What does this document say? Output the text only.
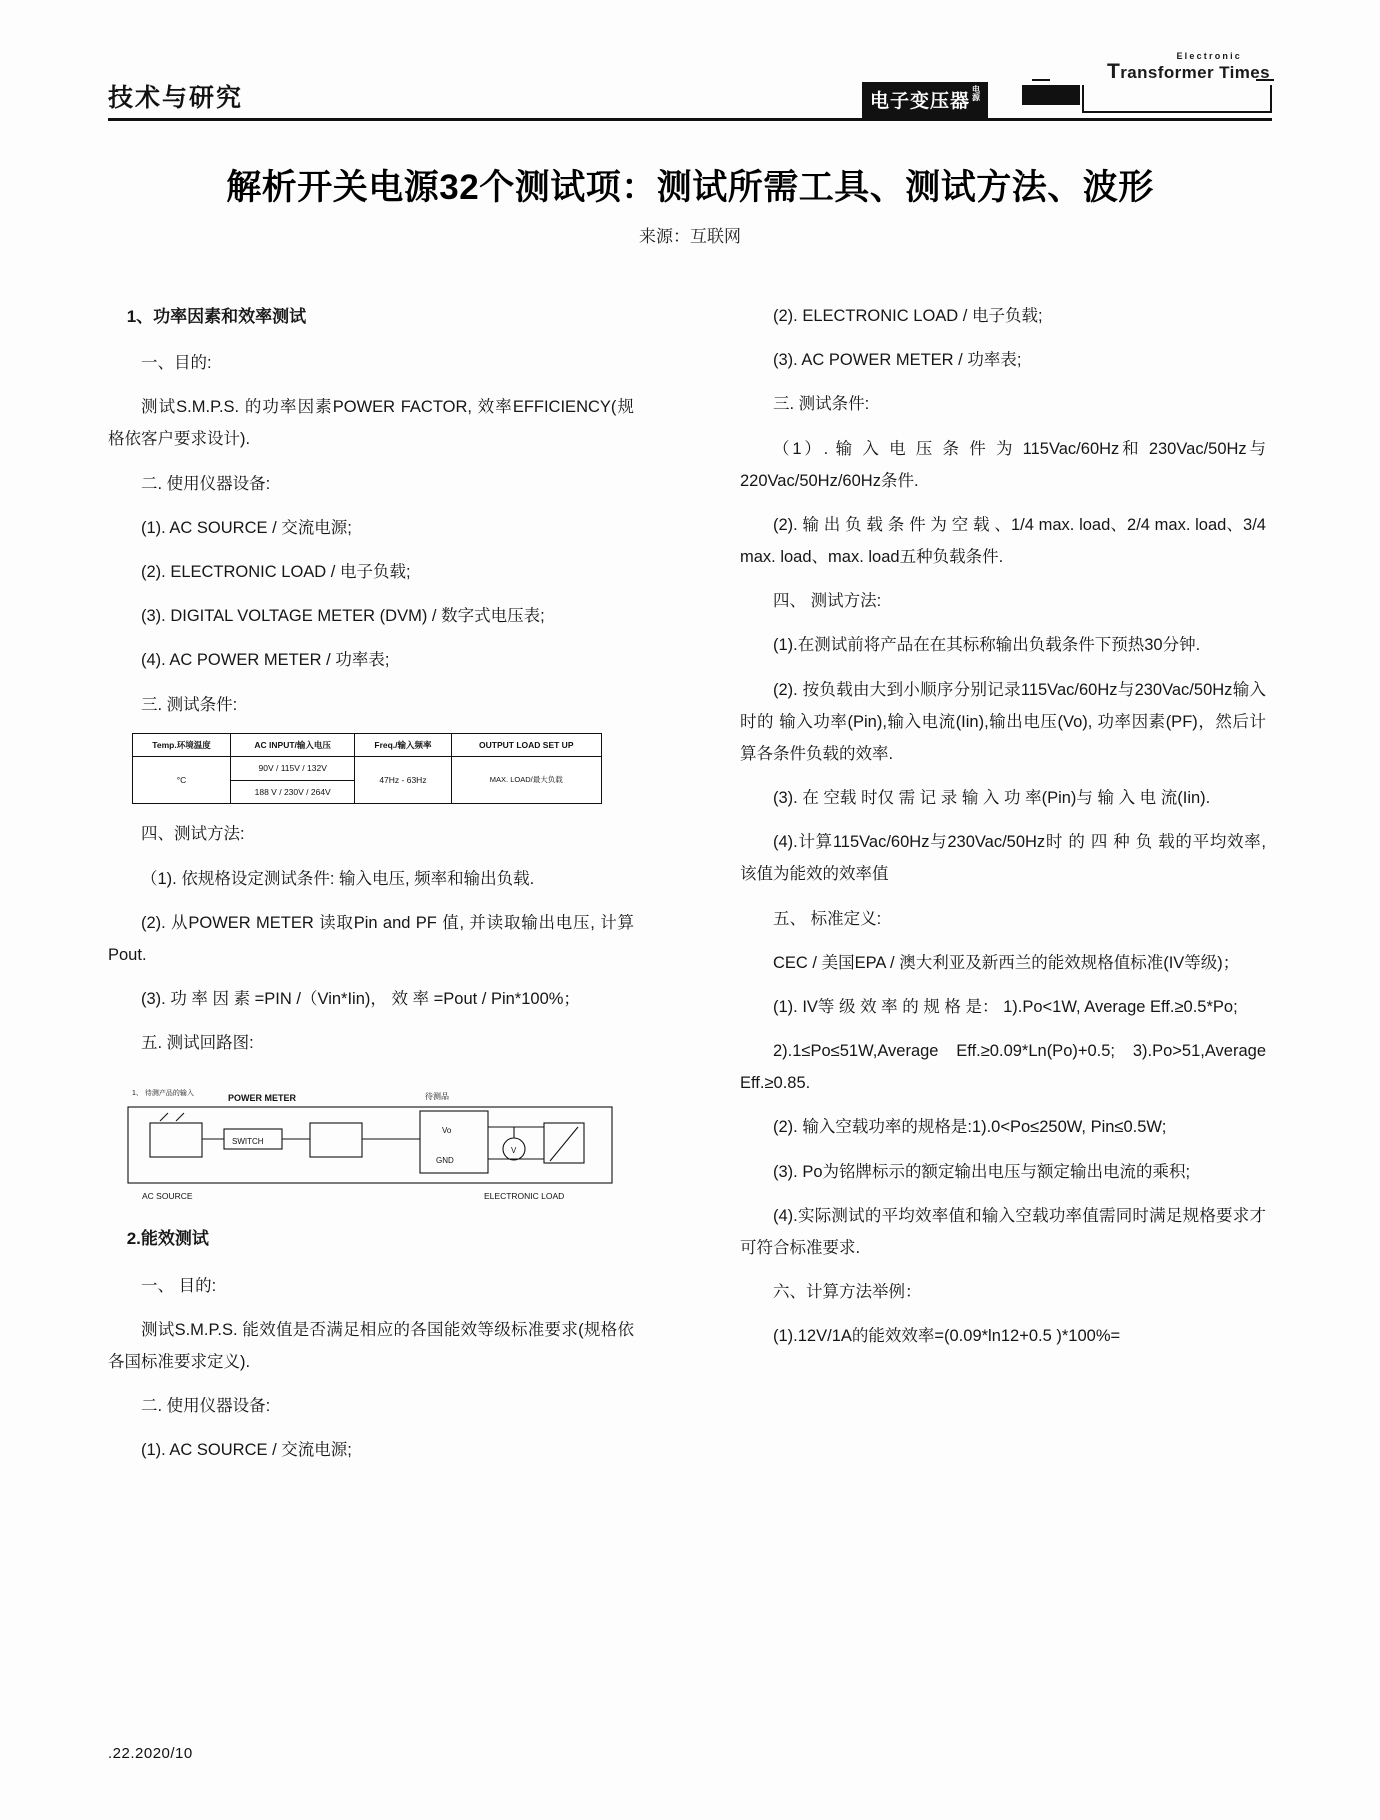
技术与研究
Electronic
Transformer Times
电子变压器电
源
解析开关电源32个测试项：测试所需工具、测试方法、波形
来源：互联网

1、功率因素和效率测试

一、目的:

测试S.M.P.S. 的功率因素POWER FACTOR, 效率EFFICIENCY(规格依客户要求设计).

二. 使用仪器设备:

(1). AC SOURCE / 交流电源;

(2). ELECTRONIC LOAD / 电子负载;

(3). DIGITAL VOLTAGE METER (DVM) / 数字式电压表;

(4). AC POWER METER / 功率表;

三. 测试条件:

Temp.环境温度	AC INPUT/输入电压	Freq./输入频率	OUTPUT LOAD SET UP
°C	90V / 115V / 132V	47Hz - 63Hz	MAX. LOAD/最大负载
	188 V / 230V / 264V		

四、测试方法:

（1). 依规格设定测试条件: 输入电压, 频率和输出负载.

(2). 从POWER METER 读取Pin and PF 值, 并读取输出电压, 计算Pout.

(3). 功 率 因 素 =PIN /（Vin*Iin)， 效 率 =Pout / Pin*100%；

五. 测试回路图:

1、 待测产品的输入	POWER METER
SWITCH
待测品
Vo
GND
V
AC SOURCE	ELECTRONIC LOAD

2.能效测试

一、 目的:

测试S.M.P.S. 能效值是否满足相应的各国能效等级标准要求(规格依各国标准要求定义).

二. 使用仪器设备:

(1). AC SOURCE / 交流电源;

(2). ELECTRONIC LOAD / 电子负载;

(3). AC POWER METER / 功率表;

三. 测试条件:

（1）. 输 入 电 压 条 件 为 115Vac/60Hz和 230Vac/50Hz与220Vac/50Hz/60Hz条件.

(2). 输 出 负 载 条 件 为 空 载 、1/4 max. load、2/4 max. load、3/4 max. load、max. load五种负载条件.

四、 测试方法:

(1).在测试前将产品在在其标称输出负载条件下预热30分钟.

(2). 按负载由大到小顺序分别记录115Vac/60Hz与230Vac/50Hz输入时的 输入功率(Pin),输入电流(Iin),输出电压(Vo), 功率因素(PF)，然后计算各条件负载的效率.

(3). 在 空载 时仅 需 记 录 输 入 功 率(Pin)与 输 入 电 流(Iin).

(4).计算115Vac/60Hz与230Vac/50Hz时 的 四 种 负 载的平均效率,该值为能效的效率值

五、 标准定义:

CEC / 美国EPA / 澳大利亚及新西兰的能效规格值标准(IV等级)；

(1). IV等 级 效 率 的 规 格 是： 1).Po<1W, Average Eff.≥0.5*Po;

2).1≤Po≤51W,Average Eff.≥0.09*Ln(Po)+0.5; 3).Po>51,Average Eff.≥0.85.

(2). 输入空载功率的规格是:1).0<Po≤250W, Pin≤0.5W;

(3). Po为铭牌标示的额定输出电压与额定输出电流的乘积;

(4).实际测试的平均效率值和输入空载功率值需同时满足规格要求才可符合标准要求.

六、计算方法举例：

(1).12V/1A的能效效率=(0.09*ln12+0.5 )*100%=

.22.2020/10
